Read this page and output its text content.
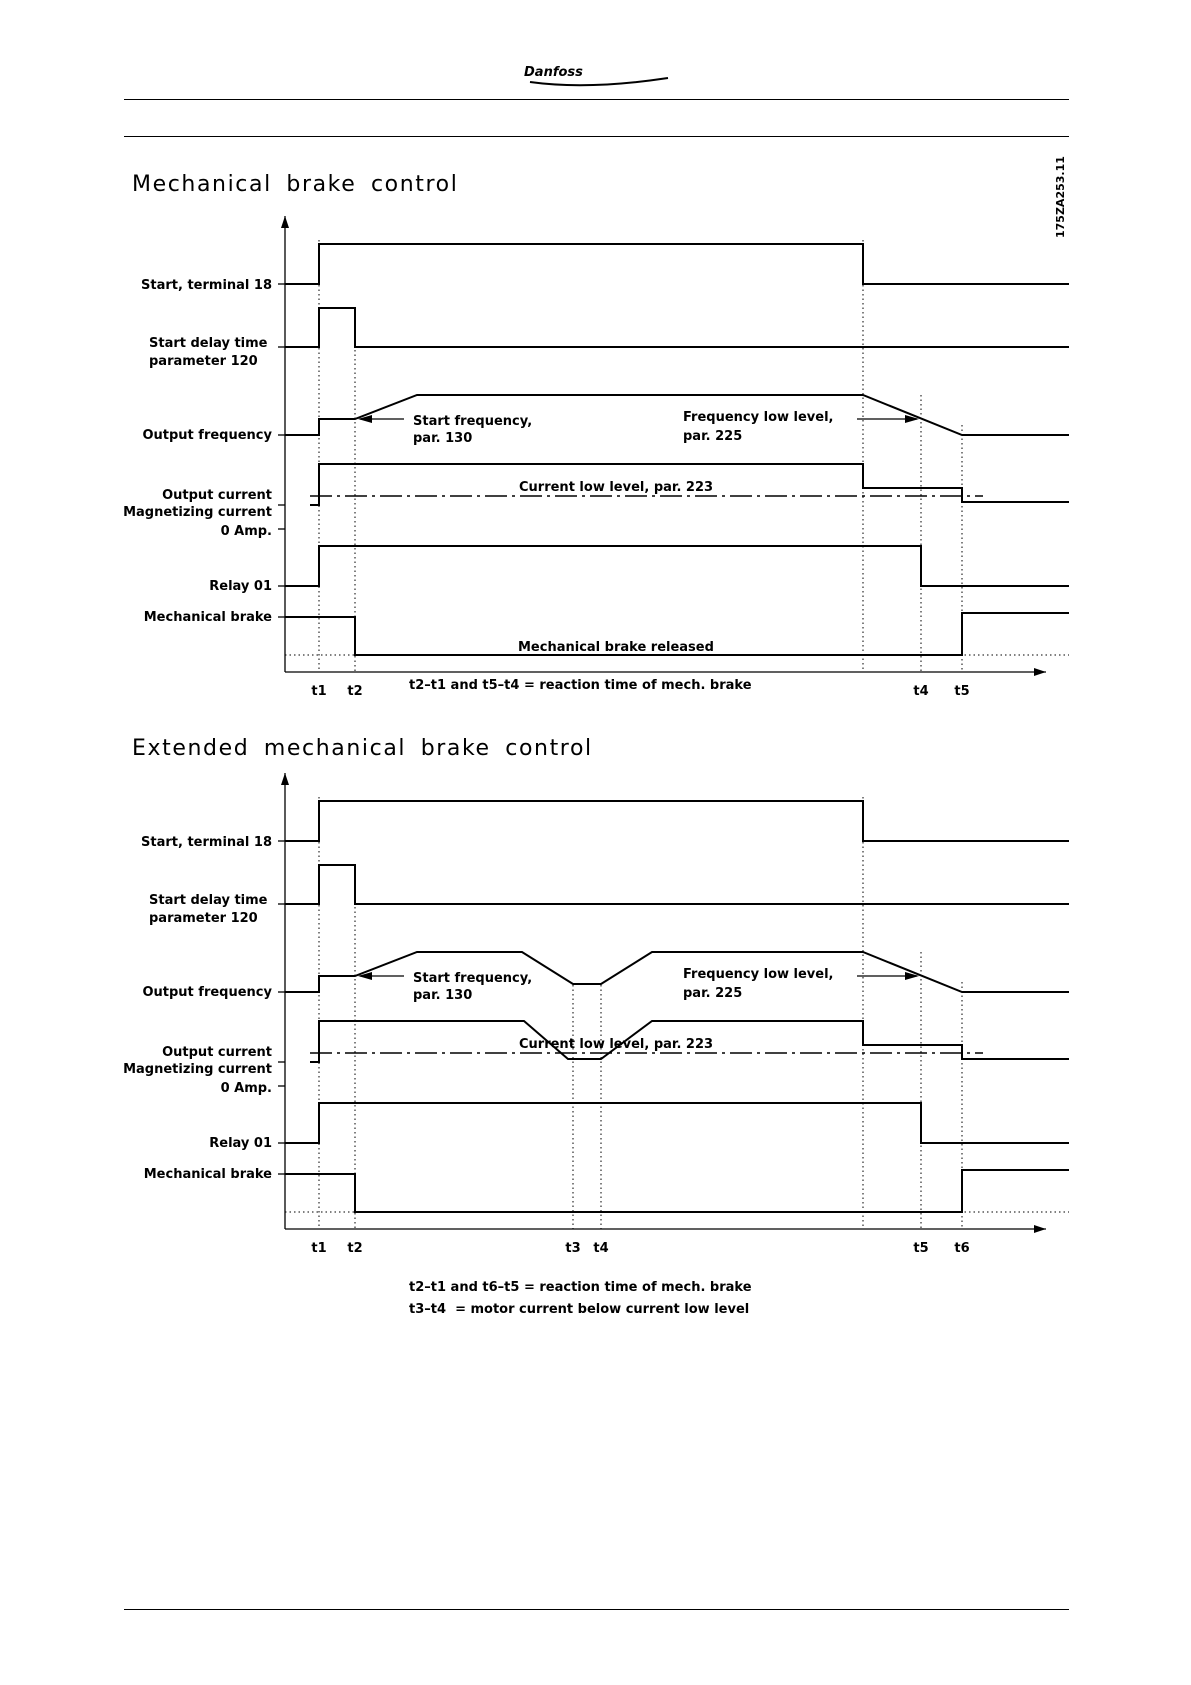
Danfoss
175ZA253.11
Mechanical brake control
Start, terminal 18
Start delay time
parameter 120
Output frequency
Output current
Magnetizing current
0 Amp.
Relay 01
Mechanical brake
Start frequency,
par. 130
Frequency low level,
par. 225
Current low level, par. 223
Mechanical brake released
t1 t2	t4 t5
t2–t1 and t5–t4 = reaction time of mech. brake
Extended mechanical brake control
Start, terminal 18
Start delay time
parameter 120
Output frequency
Output current
Magnetizing current
0 Amp.
Relay 01
Mechanical brake
Start frequency,
par. 130
Frequency low level,
par. 225
Current low level, par. 223
t1 t2	t3 t4	t5 t6
t2–t1 and t6–t5 = reaction time of mech. brake
t3–t4  = motor current below current low level
